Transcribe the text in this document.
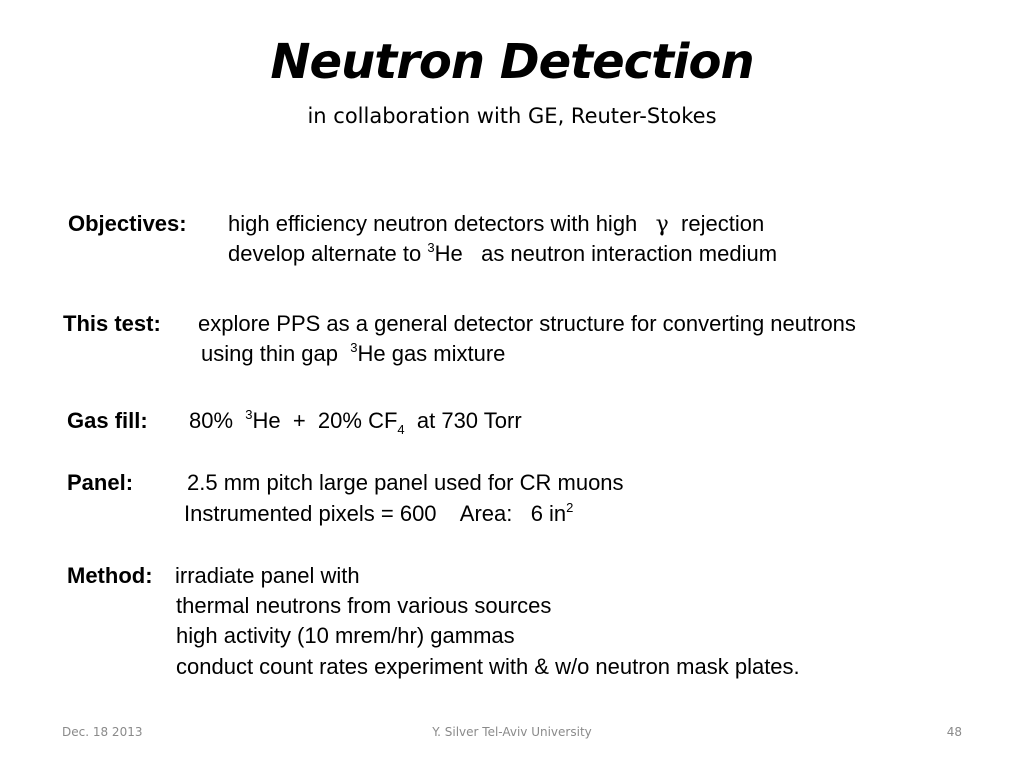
Neutron Detection
in collaboration with GE, Reuter-Stokes
Objectives: high efficiency neutron detectors with high γ rejection
develop alternate to $^3$He   as neutron interaction medium
This test: explore PPS as a general detector structure for converting neutrons
using thin gap $^3$He gas mixture
Gas fill: 80% $^3$He  +  20% $CF_4$ at 730 Torr
Panel: 2.5 mm pitch large panel used for CR muons
Instrumented pixels = 600    Area:   6 $in^2$
Method: irradiate panel with
thermal neutrons from various sources
high activity (10 mrem/hr) gammas
conduct count rates experiment with & w/o neutron mask plates.
Dec. 18 2013	Y. Silver Tel-Aviv University	48
